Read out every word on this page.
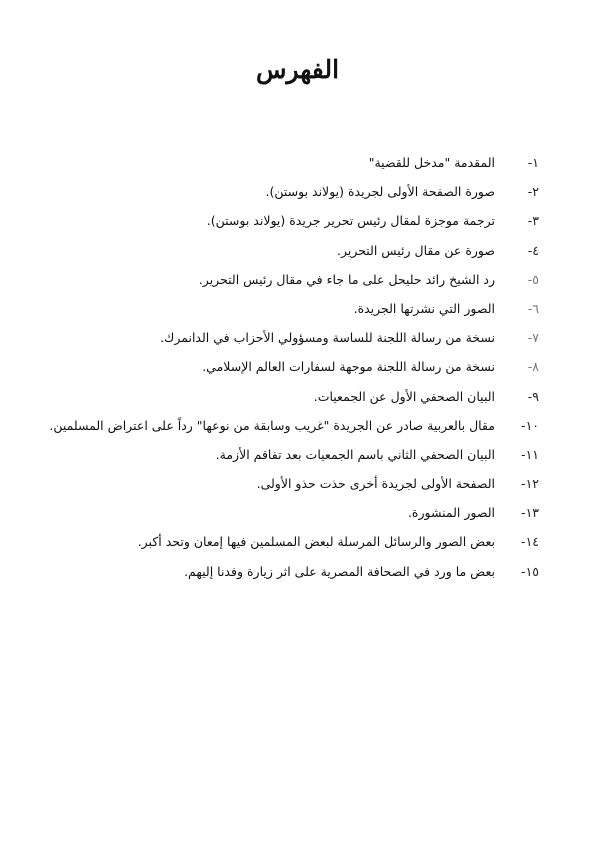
الفهرس
١-
المقدمة "مدخل للقضية"
٢-
صورة الصفحة الأولى لجريدة (يولاند بوستن).
٣-
ترجمة موجزة لمقال رئيس تحرير جريدة (يولاند بوستن).
٤-
صورة عن مقال رئيس التحرير.
٥-
رد الشيخ رائد حليحل على ما جاء في مقال رئيس التحرير.
٦-
الصور التي نشرتها الجريدة.
٧-
نسخة من رسالة اللجنة للساسة ومسؤولي الأحزاب في الدانمرك.
٨-
نسخة من رسالة اللجنة موجهة لسفارات العالم الإسلامي.
٩-
البيان الصحفي الأول عن الجمعيات.
١٠-
مقال بالعربية صادر عن الجريدة "غريب وسابقة من نوعها" رداً على اعتراض المسلمين.
١١-
البيان الصحفي الثاني باسم الجمعيات بعد تفاقم الأزمة.
١٢-
الصفحة الأولى لجريدة أخرى حذت حذو الأولى.
١٣-
الصور المنشورة.
١٤-
بعض الصور والرسائل المرسلة لبعض المسلمين فيها إمعان وتحد أكبر.
١٥-
بعض ما ورد في الصحافة المصرية على اثر زيارة وفدنا إليهم.
